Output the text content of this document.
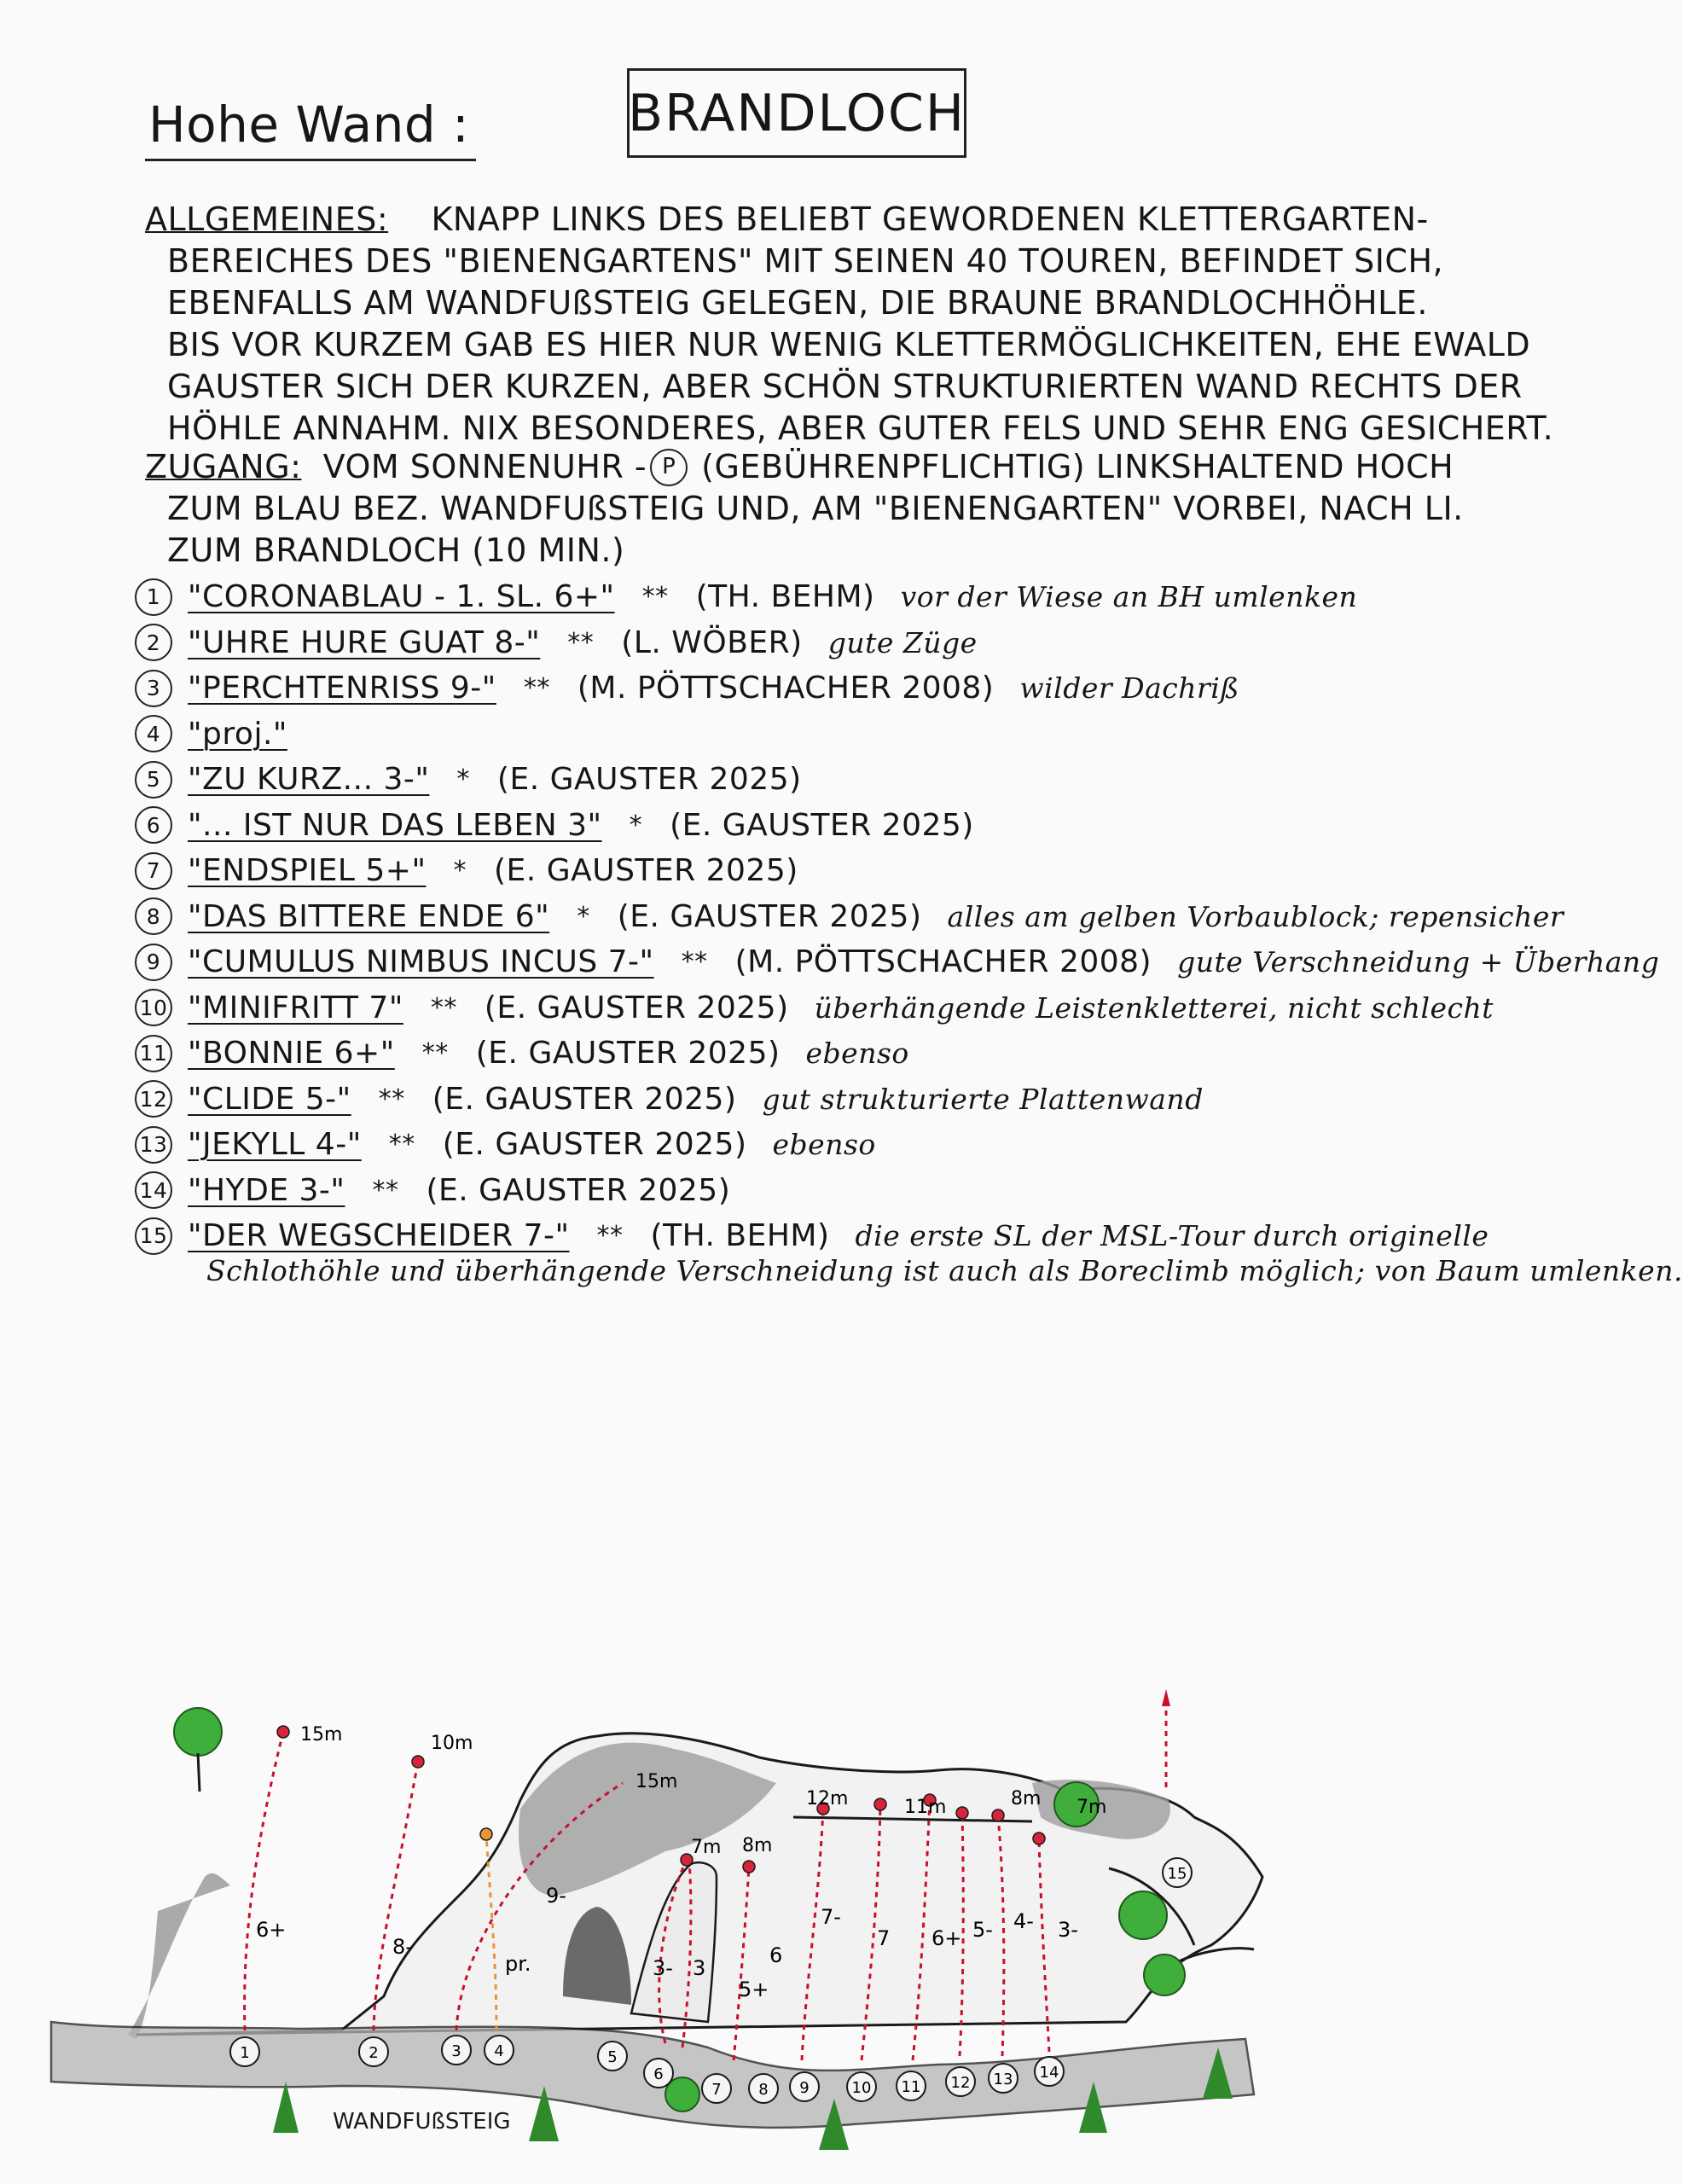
Hohe Wand :	BRANDLOCH
ALLGEMEINES: KNAPP LINKS DES BELIEBT GEWORDENEN KLETTERGARTEN-
BEREICHES DES "BIENENGARTENS" MIT SEINEN 40 TOUREN, BEFINDET SICH,
EBENFALLS AM WANDFUßSTEIG GELEGEN, DIE BRAUNE BRANDLOCHHÖHLE.
BIS VOR KURZEM GAB ES HIER NUR WENIG KLETTERMÖGLICHKEITEN, EHE EWALD
GAUSTER SICH DER KURZEN, ABER SCHÖN STRUKTURIERTEN WAND RECHTS DER
HÖHLE ANNAHM. NIX BESONDERES, ABER GUTER FELS UND SEHR ENG GESICHERT.
ZUGANG:
VOM SONNENUHR - P (GEBÜHRENPFLICHTIG) LINKSHALTEND HOCH
ZUM BLAU BEZ. WANDFUßSTEIG UND, AM "BIENENGARTEN" VORBEI, NACH LI.
ZUM BRANDLOCH (10 MIN.)
1 "CORONABLAU - 1. SL. 6+" ** (TH. BEHM) vor der Wiese an BH umlenken
2 "UHRE HURE GUAT 8-" ** (L. WÖBER) gute Züge
3 "PERCHTENRISS 9-" ** (M. PÖTTSCHACHER 2008) wilder Dachriß
4 "proj."
5 "ZU KURZ... 3-" * (E. GAUSTER 2025)
6 "... IST NUR DAS LEBEN 3" * (E. GAUSTER 2025)
7 "ENDSPIEL 5+" * (E. GAUSTER 2025)
8 "DAS BITTERE ENDE 6" * (E. GAUSTER 2025) alles am gelben Vorbaublock; repensicher
9 "CUMULUS NIMBUS INCUS 7-" ** (M. PÖTTSCHACHER 2008) gute Verschneidung + Überhang
10 "MINIFRITT 7" ** (E. GAUSTER 2025) überhängende Leistenkletterei, nicht schlecht
11 "BONNIE 6+" ** (E. GAUSTER 2025) ebenso
12 "CLIDE 5-" ** (E. GAUSTER 2025) gut strukturierte Plattenwand
13 "JEKYLL 4-" ** (E. GAUSTER 2025) ebenso
14 "HYDE 3-" ** (E. GAUSTER 2025)
15 "DER WEGSCHEIDER 7-" ** (TH. BEHM) die erste SL der MSL-Tour durch originelle
Schlothöhle und überhängende Verschneidung ist auch als Boreclimb möglich; von Baum umlenken.
6+
8-
9-
pr.	3- 3
5+
6
7-
7 6+ 5- 4- 3-
15m	10m
15m
7m 8m
12m	11m	8m 7m
1	2	3 4	5
6
7 8 9	10 11 12 13 14
15
WANDFUßSTEIG
